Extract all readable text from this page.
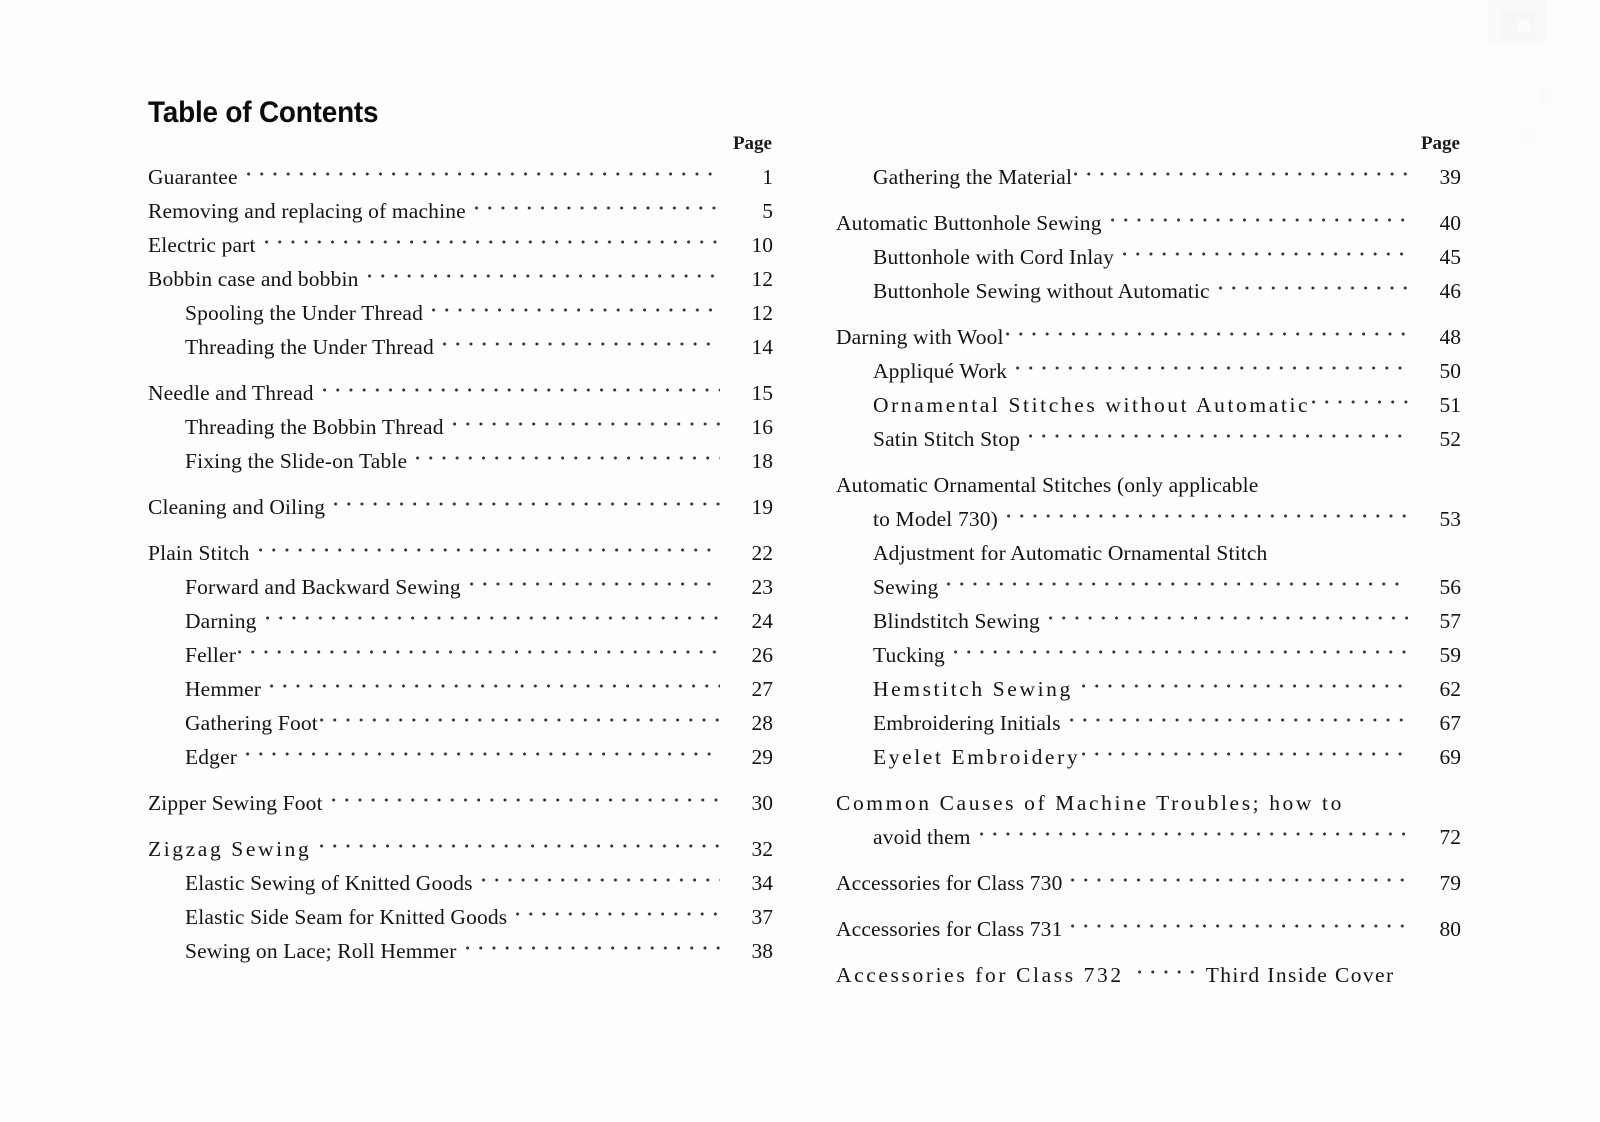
Table of Contents
Page
Guarantee	1
Removing and replacing of machine	5
Electric part	10
Bobbin case and bobbin	12
Spooling the Under Thread	12
Threading the Under Thread	14
Needle and Thread	15
Threading the Bobbin Thread	16
Fixing the Slide-on Table	18
Cleaning and Oiling	19
Plain Stitch	22
Forward and Backward Sewing	23
Darning	24
Feller	26
Hemmer	27
Gathering Foot	28
Edger	29
Zipper Sewing Foot	30
Zigzag Sewing	32
Elastic Sewing of Knitted Goods	34
Elastic Side Seam for Knitted Goods	37
Sewing on Lace; Roll Hemmer	38
Page
Gathering the Material	39
Automatic Buttonhole Sewing	40
Buttonhole with Cord Inlay	45
Buttonhole Sewing without Automatic	46
Darning with Wool	48
Appliqué Work	50
Ornamental Stitches without Automatic	51
Satin Stitch Stop	52
Automatic Ornamental Stitches (only applicable
to Model 730)	53
Adjustment for Automatic Ornamental Stitch
Sewing	56
Blindstitch Sewing	57
Tucking	59
Hemstitch Sewing	62
Embroidering Initials	67
Eyelet Embroidery	69
Common Causes of Machine Troubles; how to
avoid them	72
Accessories for Class 730	79
Accessories for Class 731	80
Accessories for Class 732	Third Inside Cover
